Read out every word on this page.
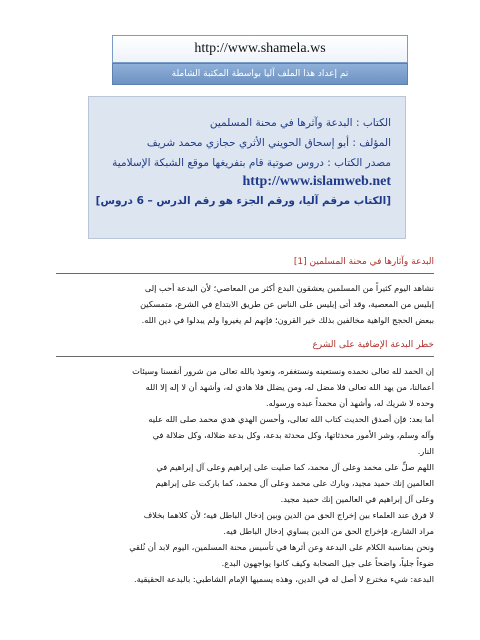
http://www.shamela.ws
تم إعداد هذا الملف آليا بواسطة المكتبة الشاملة
الكتاب : البدعة وآثرها في محنة المسلمين
المؤلف : أبو إسحاق الحويني الأثري حجازي محمد شريف
مصدر الكتاب : دروس صوتية قام بتفريغها موقع الشبكة الإسلامية
http://www.islamweb.net
[الكتاب مرقم آليا، ورقم الجزء هو رقم الدرس – 6 دروس]
البدعة وآثارها في محنة المسلمين [1]

نشاهد اليوم كثيراً من المسلمين يعشقون البدع أكثر من المعاصي؛ لأن البدعة أحب إلى

إبليس من المعصية، وقد أتى إبليس على الناس عن طريق الابتداع في الشرع، متمسكين

ببعض الحجج الواهية مخالفين بذلك خير القرون؛ فإنهم لم يغيروا ولم يبدلوا في دين الله.

خطر البدعة الإضافية على الشرع

إن الحمد لله تعالى نحمده ونستعينه ونستغفره، ونعوذ بالله تعالى من شرور أنفسنا وسيئات

أعمالنا، من يهد الله تعالى فلا مضل له، ومن يضلل فلا هادي له، وأشهد أن لا إله إلا الله

وحده لا شريك له، وأشهد أن محمداً عبده ورسوله.

أما بعد: فإن أصدق الحديث كتاب الله تعالى، وأحسن الهدي هدي محمد صلى الله عليه

وآله وسلم، وشر الأمور محدثاتها، وكل محدثة بدعة، وكل بدعة ضلالة، وكل ضلالة في

النار.

اللهم صلِّ على محمد وعلى آل محمد، كما صليت على إبراهيم وعلى آل إبراهيم في

العالمين إنك حميد مجيد، وبارك على محمد وعلى آل محمد، كما باركت على إبراهيم

وعلى آل إبراهيم في العالمين إنك حميد مجيد.

لا فرق عند العلماء بين إخراج الحق من الدين وبين إدخال الباطل فيه؛ لأن كلاهما بخلاف

مراد الشارع، فإخراج الحق من الدين يساوي إدخال الباطل فيه.

ونحن بمناسبة الكلام على البدعة وعن أثرها في تأسيس محنة المسلمين، اليوم لابد أن نُلقي

ضوءاً جلياً، واضحاً على جيل الصحابة وكيف كانوا يواجهون البدع.

البدعة: شيء مخترع لا أصل له في الدين، وهذه يسميها الإمام الشاطبي: بالبدعة الحقيقية.
